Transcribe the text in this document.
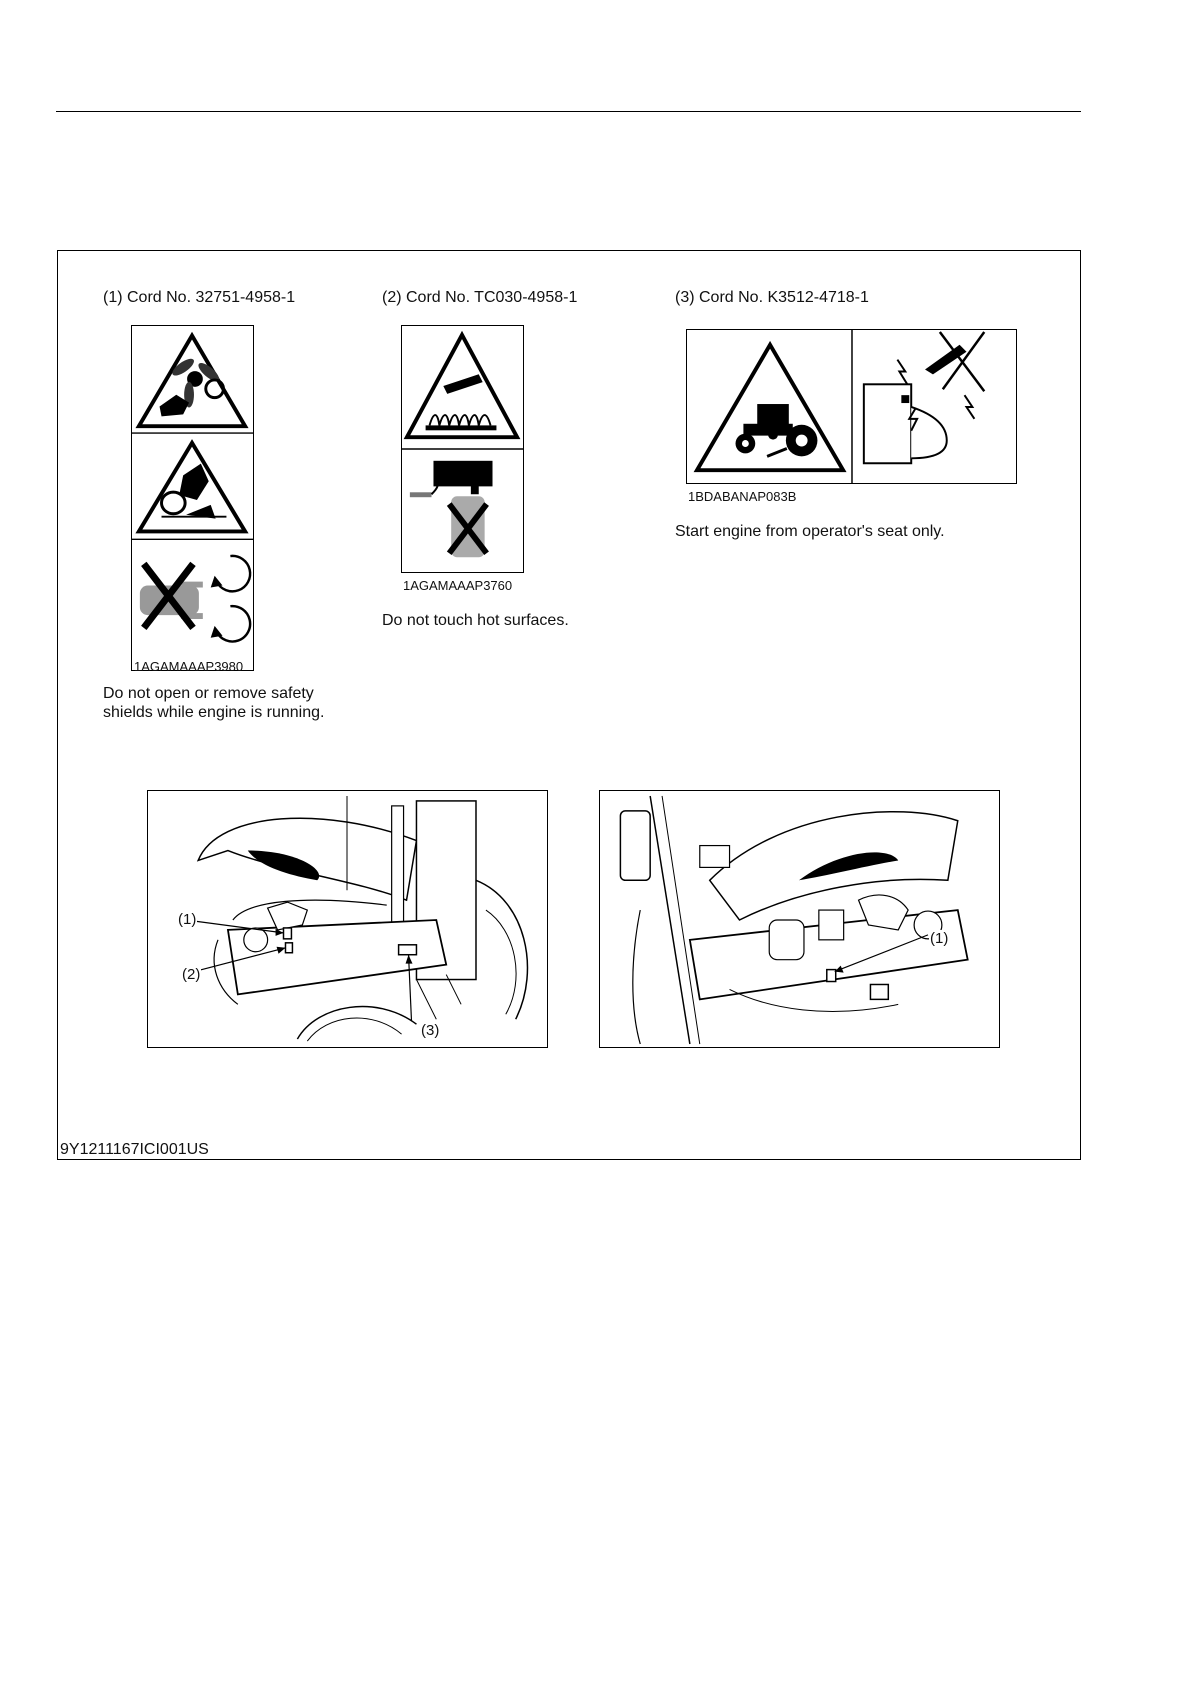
(1) Cord No. 32751-4958-1	(2) Cord No. TC030-4958-1	(3) Cord No. K3512-4718-1
1AGAMAAAP3980
Do not open or remove safety shields while engine is running.
1AGAMAAAP3760
Do not touch hot surfaces.
1BDABANAP083B
Start engine from operator's seat only.
(1)
(2)
(3)
(1)
9Y1211167ICI001US
